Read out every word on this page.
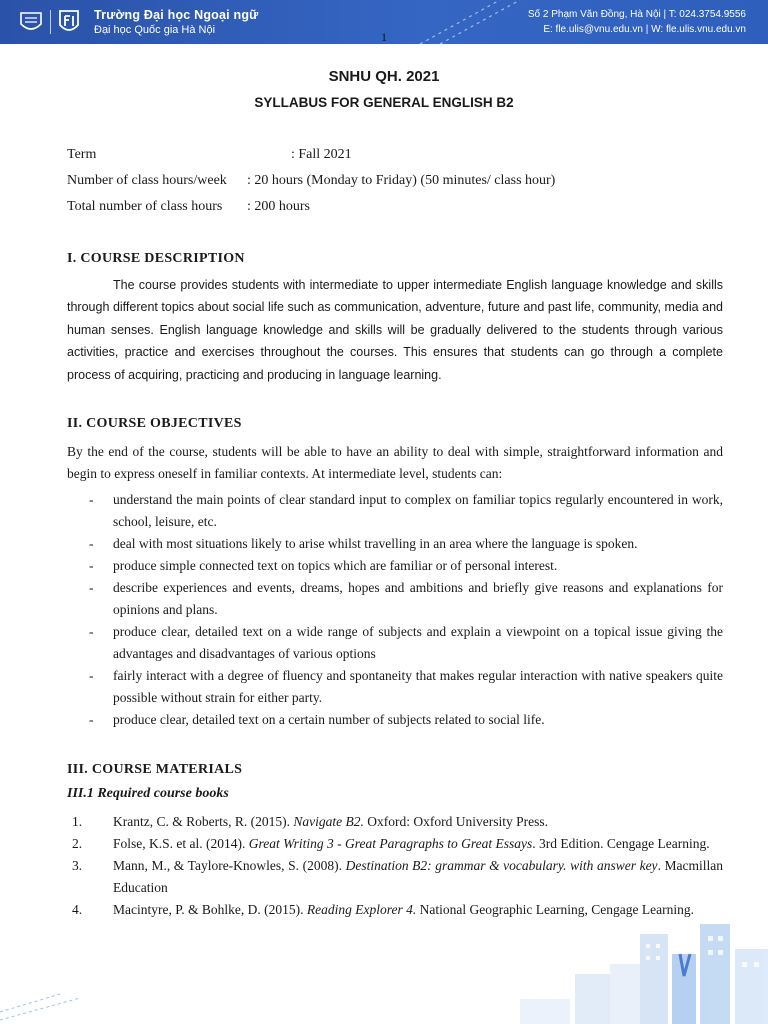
Trường Đại học Ngoại ngữ
Đại học Quốc gia Hà Nội
Số 2 Phạm Văn Đồng, Hà Nội | T: 024.3754.9556
E: fle.ulis@vnu.edu.vn | W: fle.ulis.vnu.edu.vn
1
SNHU QH. 2021
SYLLABUS FOR GENERAL ENGLISH B2
Term	: Fall 2021
Number of class hours/week : 20 hours (Monday to Friday) (50 minutes/ class hour)
Total number of class hours : 200 hours
I. COURSE DESCRIPTION
The course provides students with intermediate to upper intermediate English language knowledge and skills through different topics about social life such as communication, adventure, future and past life, community, media and human senses. English language knowledge and skills will be gradually delivered to the students through various activities, practice and exercises throughout the courses. This ensures that students can go through a complete process of acquiring, practicing and producing in language learning.
II. COURSE OBJECTIVES
By the end of the course, students will be able to have an ability to deal with simple, straightforward information and begin to express oneself in familiar contexts. At intermediate level, students can:
- understand the main points of clear standard input to complex on familiar topics regularly encountered in work, school, leisure, etc.
- deal with most situations likely to arise whilst travelling in an area where the language is spoken.
- produce simple connected text on topics which are familiar or of personal interest.
- describe experiences and events, dreams, hopes and ambitions and briefly give reasons and explanations for opinions and plans.
- produce clear, detailed text on a wide range of subjects and explain a viewpoint on a topical issue giving the advantages and disadvantages of various options
- fairly interact with a degree of fluency and spontaneity that makes regular interaction with native speakers quite possible without strain for either party.
- produce clear, detailed text on a certain number of subjects related to social life.
III. COURSE MATERIALS
III.1 Required course books
1. Krantz, C. & Roberts, R. (2015). Navigate B2. Oxford: Oxford University Press.
2. Folse, K.S. et al. (2014). Great Writing 3 - Great Paragraphs to Great Essays. 3rd Edition. Cengage Learning.
3. Mann, M., & Taylore-Knowles, S. (2008). Destination B2: grammar & vocabulary. with answer key. Macmillan Education
4. Macintyre, P. & Bohlke, D. (2015). Reading Explorer 4. National Geographic Learning, Cengage Learning.
